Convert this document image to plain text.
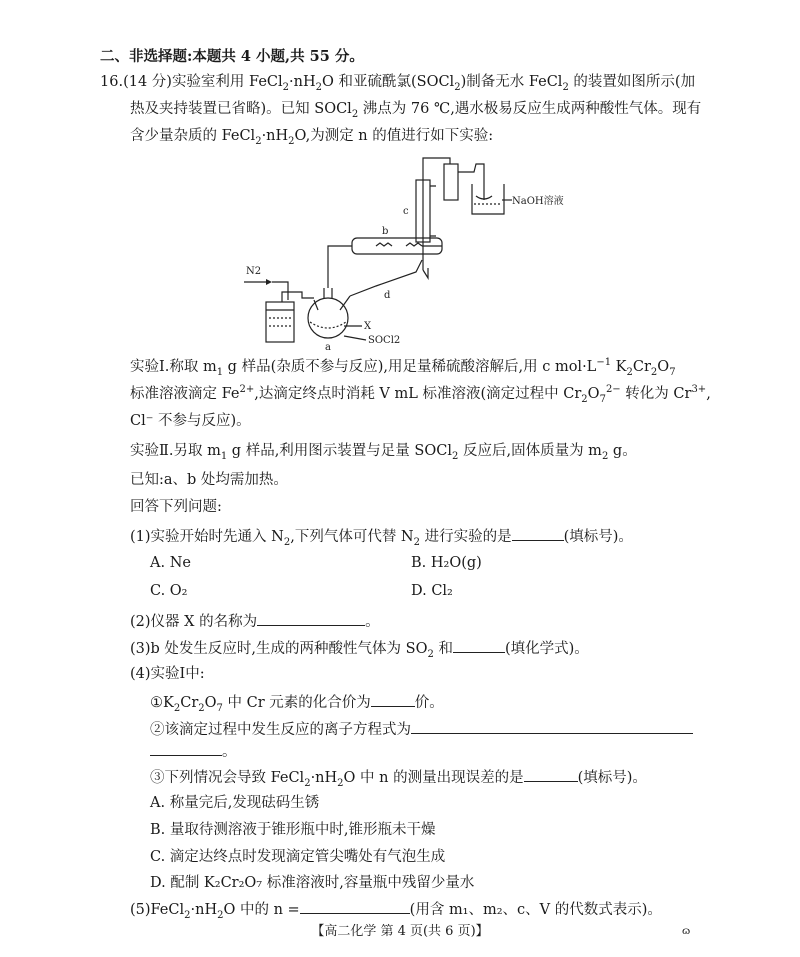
二、非选择题:本题共 4 小题,共 55 分。
16.(14 分)实验室利用 $FeCl_2\cdot nH_2O$ 和亚硫酰氯(SOCl$_2$)制备无水 FeCl$_2$ 的装置如图所示(加
热及夹持装置已省略)。已知 SOCl$_2$ 沸点为 76 ℃,遇水极易反应生成两种酸性气体。现有
含少量杂质的 $FeCl_2\cdot nH_2O$,为测定 n 的值进行如下实验:
N2
a
X
SOCl2
b
d
c
NaOH溶液
实验Ⅰ.称取 $m_1$ g 样品(杂质不参与反应),用足量稀硫酸溶解后,用 c $mol\cdot L^{-1}$ $K_2Cr_2O_7$
标准溶液滴定 $Fe^{2+}$,达滴定终点时消耗 V mL 标准溶液(滴定过程中 $Cr_2O_7^{2-}$ 转化为 $Cr^{3+}$,
Cl⁻ 不参与反应)。
实验Ⅱ.另取 $m_1$ g 样品,利用图示装置与足量 SOCl$_2$ 反应后,固体质量为 $m_2$ g。
已知:a、b 处均需加热。
回答下列问题:
(1)实验开始时先通入 $N_2$,下列气体可代替 $N_2$ 进行实验的是	(填标号)。
A. Ne	B. H₂O(g)
C. O₂	D. Cl₂
(2)仪器 X 的名称为	。
(3)b 处发生反应时,生成的两种酸性气体为 $SO_2$ 和	(填化学式)。
(4)实验Ⅰ中:
$①K_2Cr_2O_7$ 中 Cr 元素的化合价为	价。
②该滴定过程中发生反应的离子方程式为
。
③下列情况会导致 $FeCl_2\cdot nH_2O$ 中 n 的测量出现误差的是	(填标号)。
A. 称量完后,发现砝码生锈
B. 量取待测溶液于锥形瓶中时,锥形瓶未干燥
C. 滴定达终点时发现滴定管尖嘴处有气泡生成
D. 配制 K₂Cr₂O₇ 标准溶液时,容量瓶中残留少量水
$(5)FeCl_2\cdot nH_2O$ 中的 n =	(用含 m₁、m₂、c、V 的代数式表示)。
【高二化学 第 4 页(共 6 页)】	ɷ
